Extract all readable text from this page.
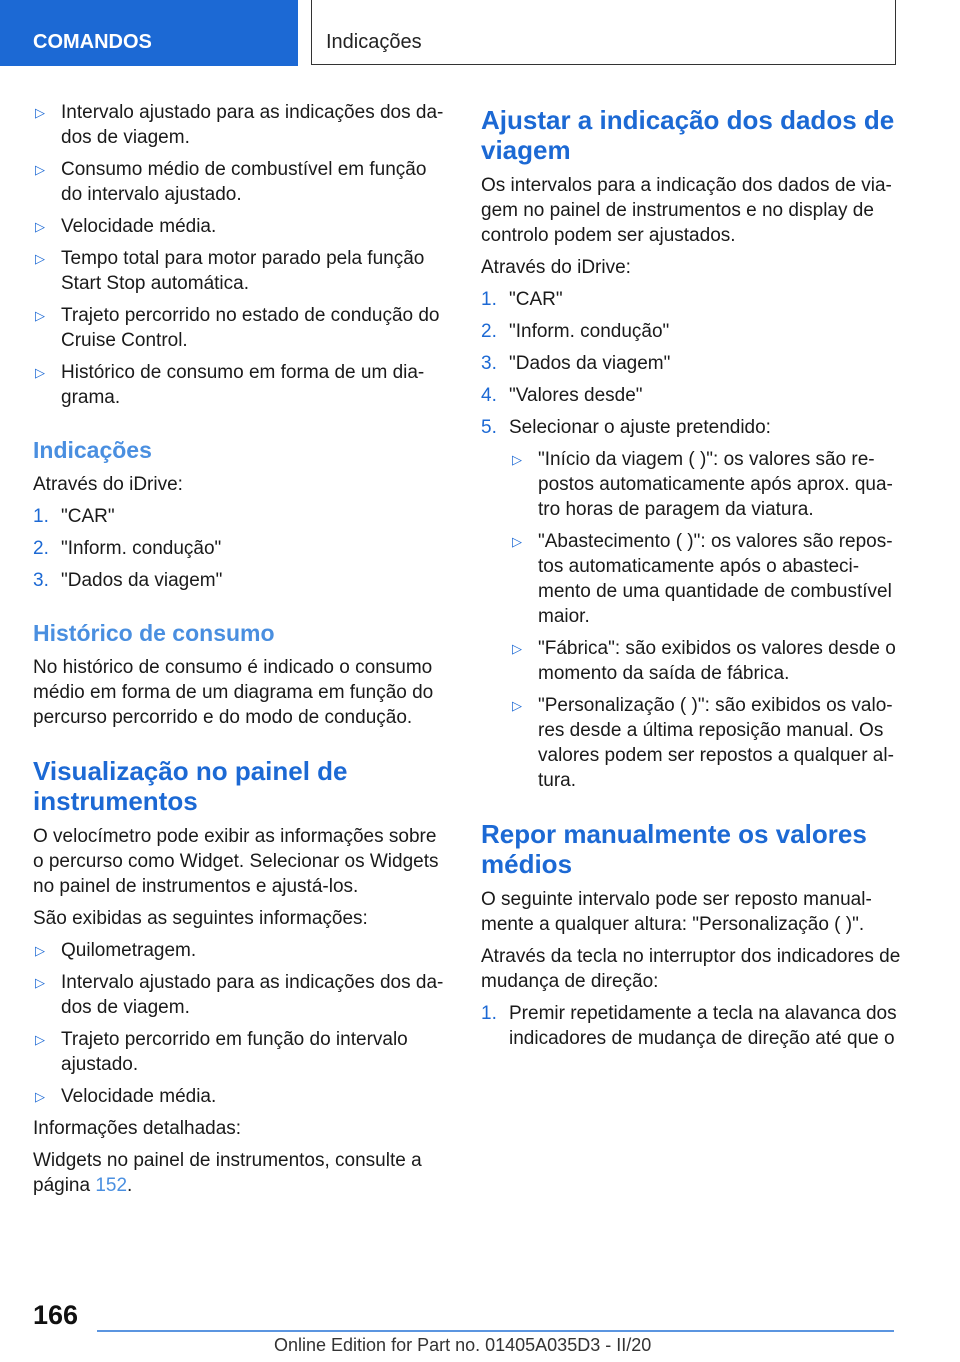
COMANDOS	Indicações
▷ Intervalo ajustado para as indicações dos da‐ dos de viagem.
▷ Consumo médio de combustível em função do intervalo ajustado.
▷ Velocidade média.
▷ Tempo total para motor parado pela função Start Stop automática.
▷ Trajeto percorrido no estado de condução do Cruise Control.
▷ Histórico de consumo em forma de um dia‐ grama.
Indicações

Através do iDrive:

1. "CAR"
2. "Inform. condução"
3. "Dados da viagem"
Histórico de consumo

No histórico de consumo é indicado o consumo médio em forma de um diagrama em função do percurso percorrido e do modo de condução.

Visualização no painel de instrumentos

O velocímetro pode exibir as informações sobre o percurso como Widget. Selecionar os Widgets no painel de instrumentos e ajustá-los.

São exibidas as seguintes informações:

▷ Quilometragem.
▷ Intervalo ajustado para as indicações dos da‐ dos de viagem.
▷ Trajeto percorrido em função do intervalo ajustado.
▷ Velocidade média.

Informações detalhadas:

Widgets no painel de instrumentos, consulte a página 152.

Ajustar a indicação dos dados de viagem

Os intervalos para a indicação dos dados de via‐ gem no painel de instrumentos e no display de controlo podem ser ajustados.

Através do iDrive:

1. "CAR"
2. "Inform. condução"
3. "Dados da viagem"
4. "Valores desde"
5. Selecionar o ajuste pretendido:
▷ "Início da viagem ( )": os valores são re‐ postos automaticamente após aprox. qua‐ tro horas de paragem da viatura.
▷ "Abastecimento ( )": os valores são repos‐ tos automaticamente após o abasteci‐ mento de uma quantidade de combustível maior.
▷ "Fábrica": são exibidos os valores desde o momento da saída de fábrica.
▷ "Personalização ( )": são exibidos os valo‐ res desde a última reposição manual. Os valores podem ser repostos a qualquer al‐ tura.
Repor manualmente os valores médios

O seguinte intervalo pode ser reposto manual‐ mente a qualquer altura: "Personalização ( )".

Através da tecla no interruptor dos indicadores de mudança de direção:

1. Premir repetidamente a tecla na alavanca dos indicadores de mudança de direção até que o
166
Online Edition for Part no. 01405A035D3 - II/20
